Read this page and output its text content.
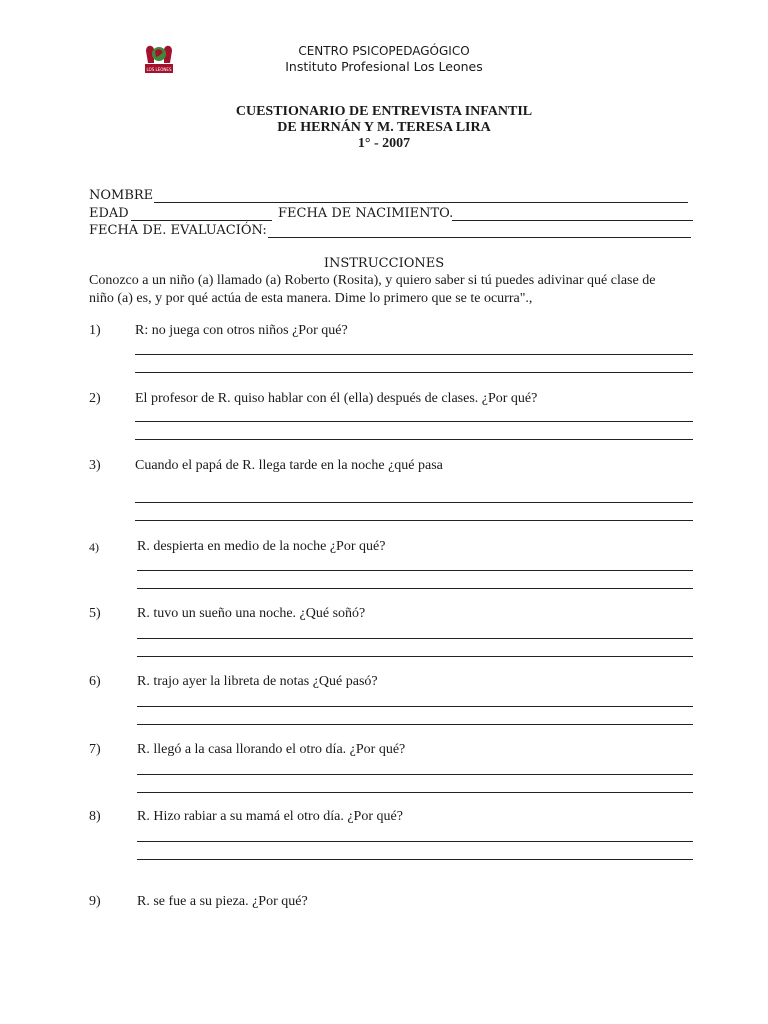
LOS LEONES
CENTRO PSICOPEDAGÓGICO
Instituto Profesional Los Leones
CUESTIONARIO DE ENTREVISTA INFANTIL
DE HERNÁN Y M. TERESA LIRA
1° - 2007
NOMBRE
EDAD	FECHA DE NACIMIENTO.
FECHA DE. EVALUACIÓN:
INSTRUCCIONES
Conozco a un niño (a) llamado (a) Roberto (Rosita), y quiero saber si tú puedes adivinar qué clase de
niño (a) es, y por qué actúa de esta manera. Dime lo primero que se te ocurra".,
1) R: no juega con otros niños ¿Por qué?
2) El profesor de R. quiso hablar con él (ella) después de clases. ¿Por qué?
3) Cuando el papá de R. llega tarde en la noche ¿qué pasa
4)	R. despierta en medio de la noche ¿Por qué?
5)	R. tuvo un sueño una noche. ¿Qué soñó?
6)	R. trajo ayer la libreta de notas ¿Qué pasó?
7)	R. llegó a la casa llorando el otro día. ¿Por qué?
8)	R. Hizo rabiar a su mamá el otro día. ¿Por qué?
9)	R. se fue a su pieza. ¿Por qué?
